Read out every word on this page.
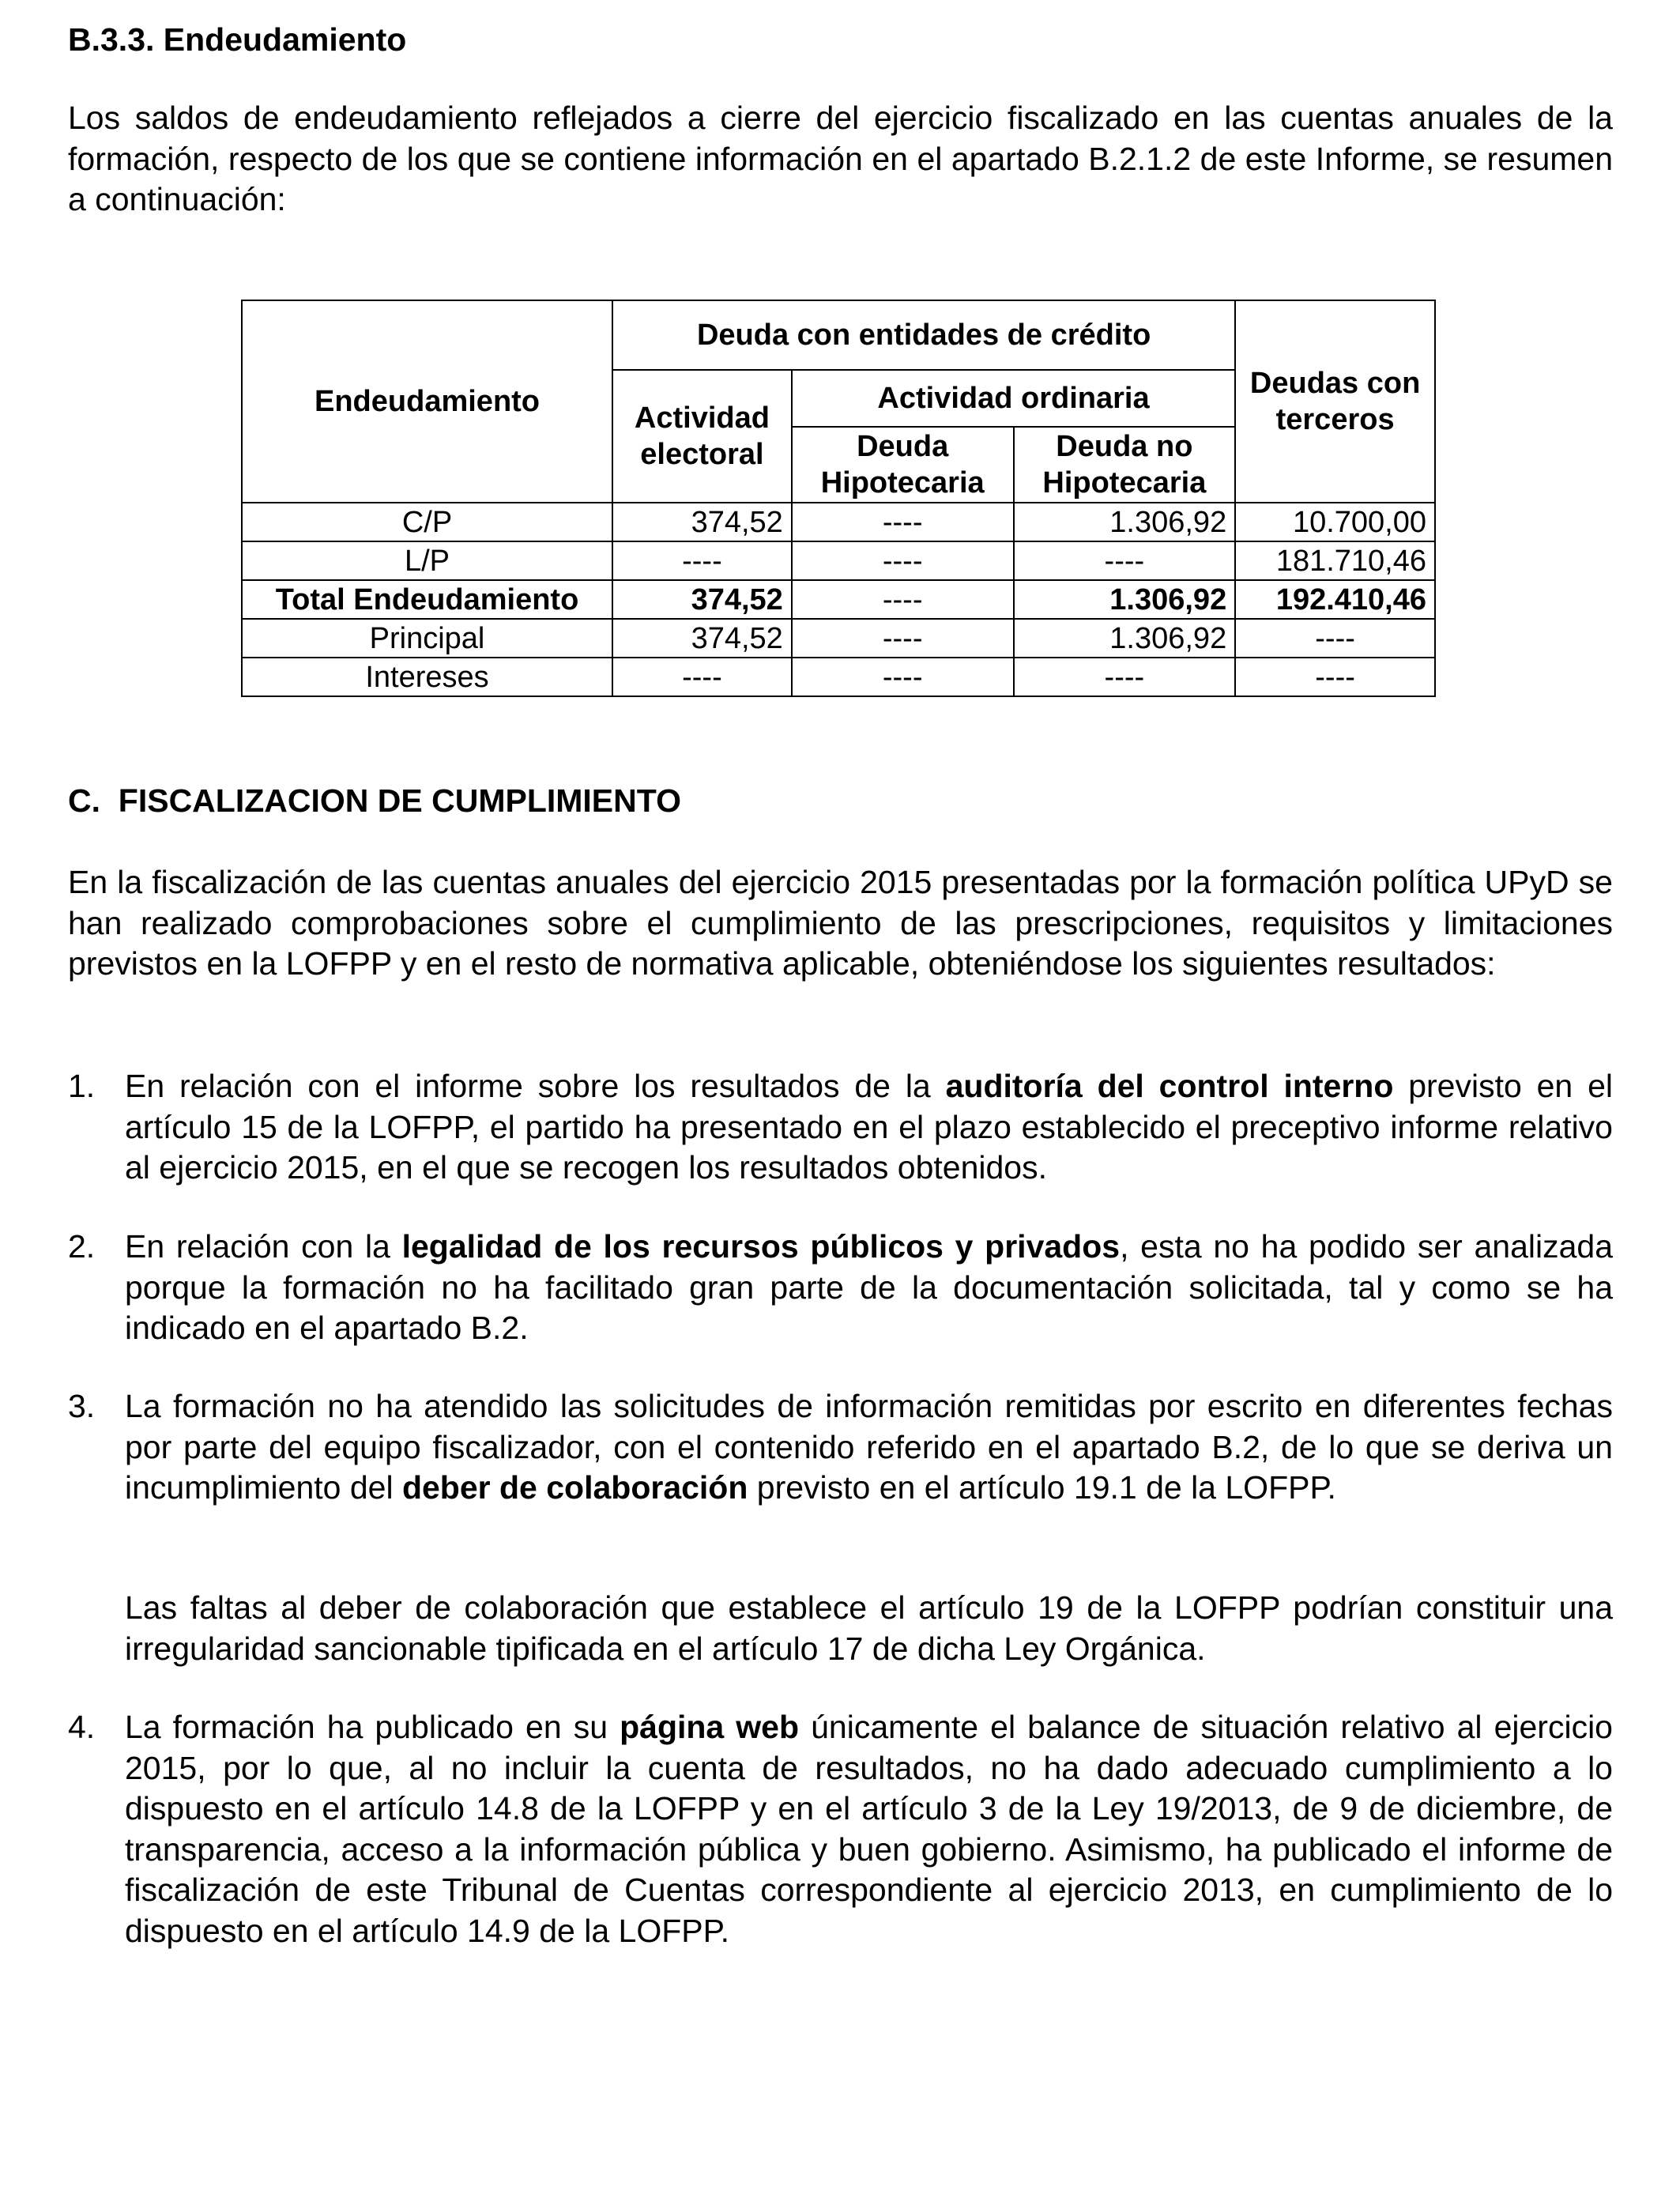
B.3.3. Endeudamiento

Los saldos de endeudamiento reflejados a cierre del ejercicio fiscalizado en las cuentas anuales de la formación, respecto de los que se contiene información en el apartado B.2.1.2 de este Informe, se resumen a continuación:

Endeudamiento	Deuda con entidades de crédito			Deudas con terceros
	Actividad electoral	Actividad ordinaria		
		Deuda Hipotecaria	Deuda no Hipotecaria	
C/P	374,52	----	1.306,92	10.700,00
L/P	----	----	----	181.710,46
Total Endeudamiento	374,52	----	1.306,92	192.410,46
Principal	374,52	----	1.306,92	----
Intereses	----	----	----	----
C.  FISCALIZACION DE CUMPLIMIENTO

En la fiscalización de las cuentas anuales del ejercicio 2015 presentadas por la formación política UPyD se han realizado comprobaciones sobre el cumplimiento de las prescripciones, requisitos y limitaciones previstos en la LOFPP y en el resto de normativa aplicable, obteniéndose los siguientes resultados:

1. En relación con el informe sobre los resultados de la auditoría del control interno previsto en el artículo 15 de la LOFPP, el partido ha presentado en el plazo establecido el preceptivo informe relativo al ejercicio 2015, en el que se recogen los resultados obtenidos.
2. En relación con la legalidad de los recursos públicos y privados, esta no ha podido ser analizada porque la formación no ha facilitado gran parte de la documentación solicitada, tal y como se ha indicado en el apartado B.2.
3. La formación no ha atendido las solicitudes de información remitidas por escrito en diferentes fechas por parte del equipo fiscalizador, con el contenido referido en el apartado B.2, de lo que se deriva un incumplimiento del deber de colaboración previsto en el artículo 19.1 de la LOFPP.
Las faltas al deber de colaboración que establece el artículo 19 de la LOFPP podrían constituir una irregularidad sancionable tipificada en el artículo 17 de dicha Ley Orgánica.
4. La formación ha publicado en su página web únicamente el balance de situación relativo al ejercicio 2015, por lo que, al no incluir la cuenta de resultados, no ha dado adecuado cumplimiento a lo dispuesto en el artículo 14.8 de la LOFPP y en el artículo 3 de la Ley 19/2013, de 9 de diciembre, de transparencia, acceso a la información pública y buen gobierno. Asimismo, ha publicado el informe de fiscalización de este Tribunal de Cuentas correspondiente al ejercicio 2013, en cumplimiento de lo dispuesto en el artículo 14.9 de la LOFPP.
